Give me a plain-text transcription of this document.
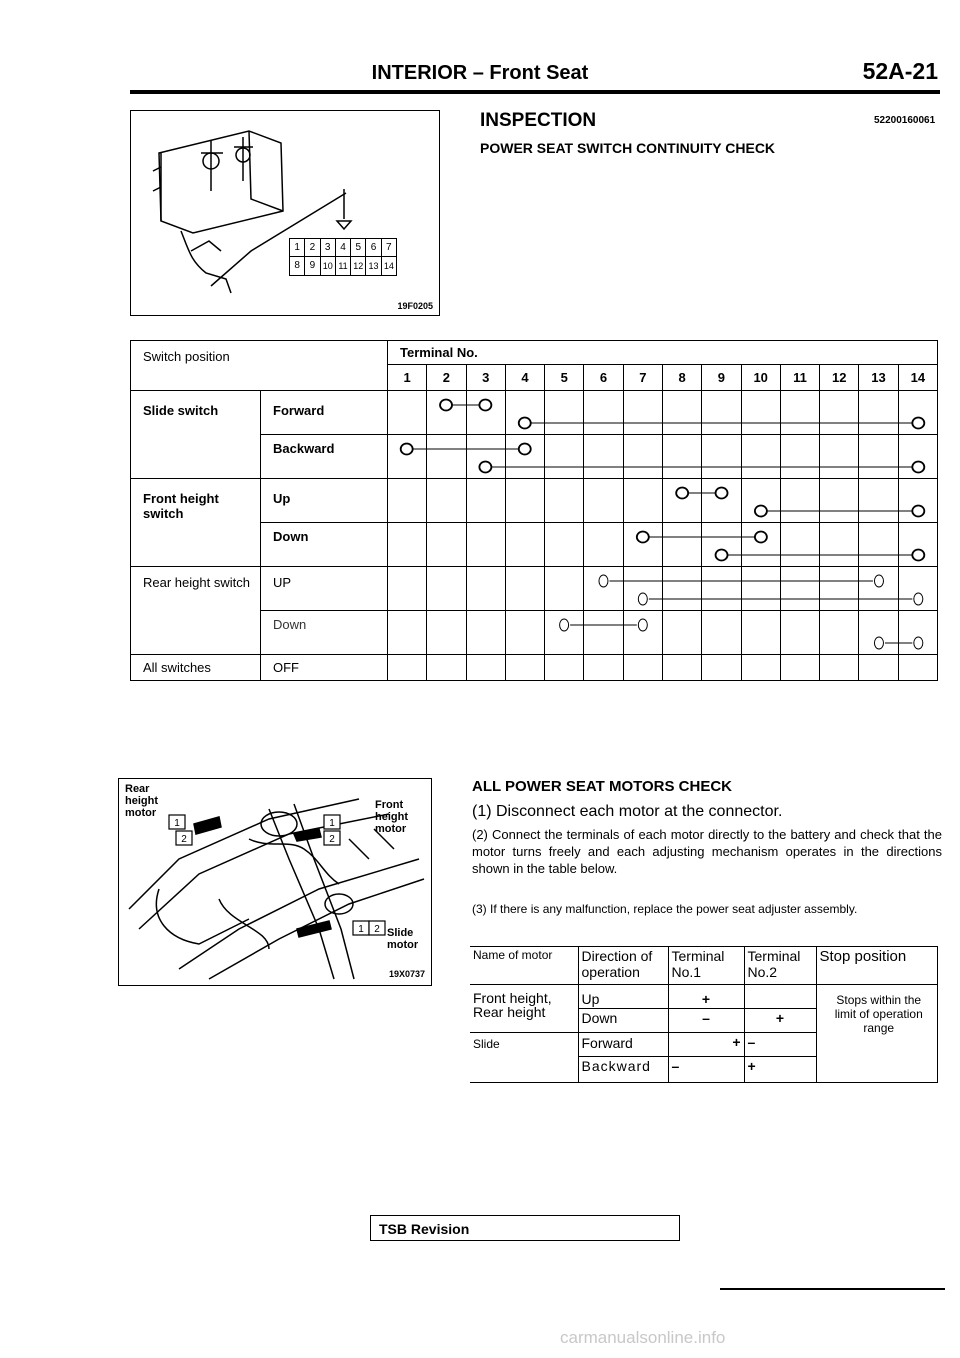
INTERIOR – Front Seat	52A-21
1 2 3 4 5 6 7
8 9 10 11 12 13 14
19F0205
INSPECTION	52200160061
POWER SEAT SWITCH CONTINUITY CHECK
Switch position		Terminal No.													
		1	2	3	4	5	6	7	8	9	10	11	12	13	14
Slide switch	Forward														
	Backward														
Front height switch	Up														
	Down														
Rear height switch	UP														
	Down														
All switches	OFF														
1
2
1
2
1 2
Rear height motor
Front height motor
Slide motor
19X0737
ALL POWER SEAT MOTORS CHECK
(1) Disconnect each motor at the connector.
(2) Connect the terminals of each motor directly to the battery and check that the motor turns freely and each adjusting mechanism operates in the directions shown in the table below.
(3) If there is any malfunction, replace the power seat adjuster assembly.
Name of motor	Direction of operation	Terminal No.1	Terminal No.2	Stop position
Front height, Rear height	Up	+		Stops within the limit of operation range
	Down	–	+	
Slide	Forward	+	–	
	Backward	–	+	
TSB Revision
carmanualsonline.info
